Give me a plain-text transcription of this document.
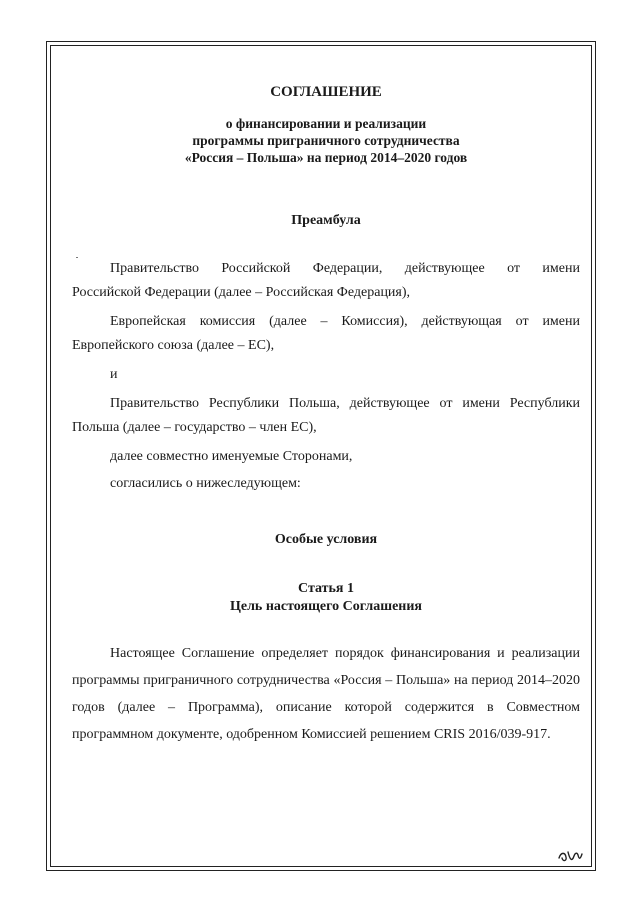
СОГЛАШЕНИЕ
о финансировании и реализации
программы приграничного сотрудничества
«Россия – Польша» на период 2014–2020 годов
Преамбула
Правительство Российской Федерации, действующее от имени
Российской Федерации (далее – Российская Федерация),
Европейская комиссия (далее – Комиссия), действующая от имени
Европейского союза (далее – ЕС),
и
Правительство Республики Польша, действующее от имени Республики
Польша (далее – государство – член ЕС),
далее совместно именуемые Сторонами,
согласились о нижеследующем:
Особые условия
Статья 1
Цель настоящего Соглашения
Настоящее Соглашение определяет порядок финансирования и реализации программы приграничного сотрудничества «Россия – Польша» на период 2014–2020 годов (далее – Программа), описание которой содержится в Совместном программном документе, одобренном Комиссией решением CRIS 2016/039-917.
